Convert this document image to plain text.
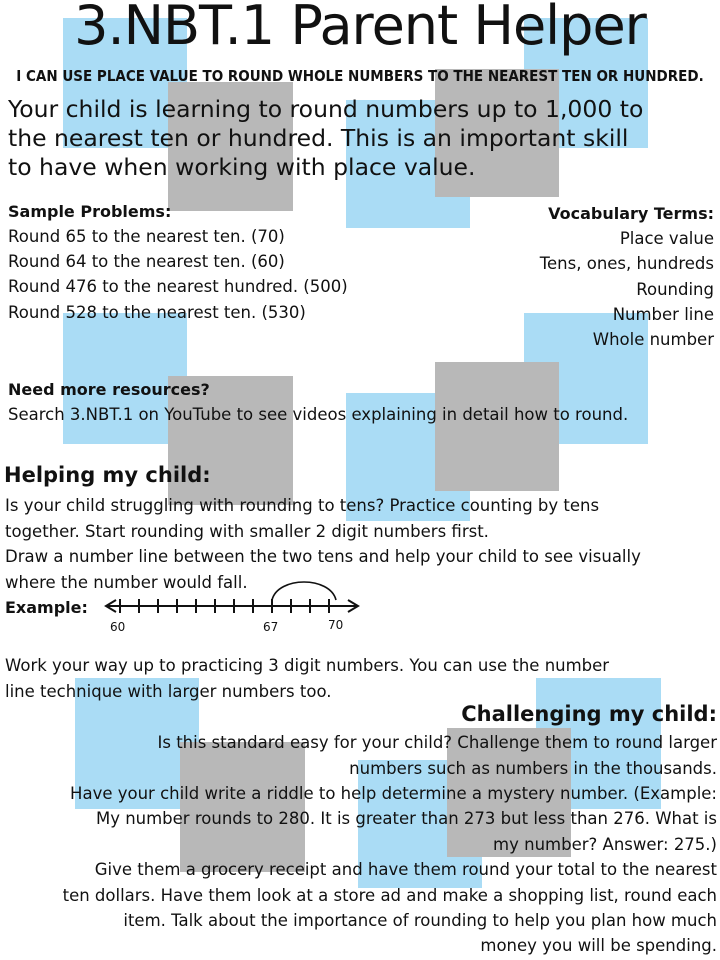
3.NBT.1 Parent Helper
I CAN USE PLACE VALUE TO ROUND WHOLE NUMBERS TO THE NEAREST TEN OR HUNDRED.
Your child is learning to round numbers up to 1,000 to
the nearest ten or hundred. This is an important skill
to have when working with place value.
Sample Problems:
Round 65 to the nearest ten. (70)
Round 64 to the nearest ten. (60)
Round 476 to the nearest hundred. (500)
Round 528 to the nearest ten. (530)
Vocabulary Terms:
Place value
Tens, ones, hundreds
Rounding
Number line
Whole number
Need more resources?
Search 3.NBT.1 on YouTube to see videos explaining in detail how to round.
Helping my child:
Is your child struggling with rounding to tens? Practice counting by tens
together. Start rounding with smaller 2 digit numbers first.
Draw a number line between the two tens and help your child to see visually
where the number would fall.
Example:
60	67	70
Work your way up to practicing 3 digit numbers. You can use the number
line technique with larger numbers too.
Challenging my child:
Is this standard easy for your child? Challenge them to round larger
numbers such as numbers in the thousands.
Have your child write a riddle to help determine a mystery number. (Example:
My number rounds to 280. It is greater than 273 but less than 276. What is
my number? Answer: 275.)
Give them a grocery receipt and have them round your total to the nearest
ten dollars. Have them look at a store ad and make a shopping list, round each
item. Talk about the importance of rounding to help you plan how much
money you will be spending.
